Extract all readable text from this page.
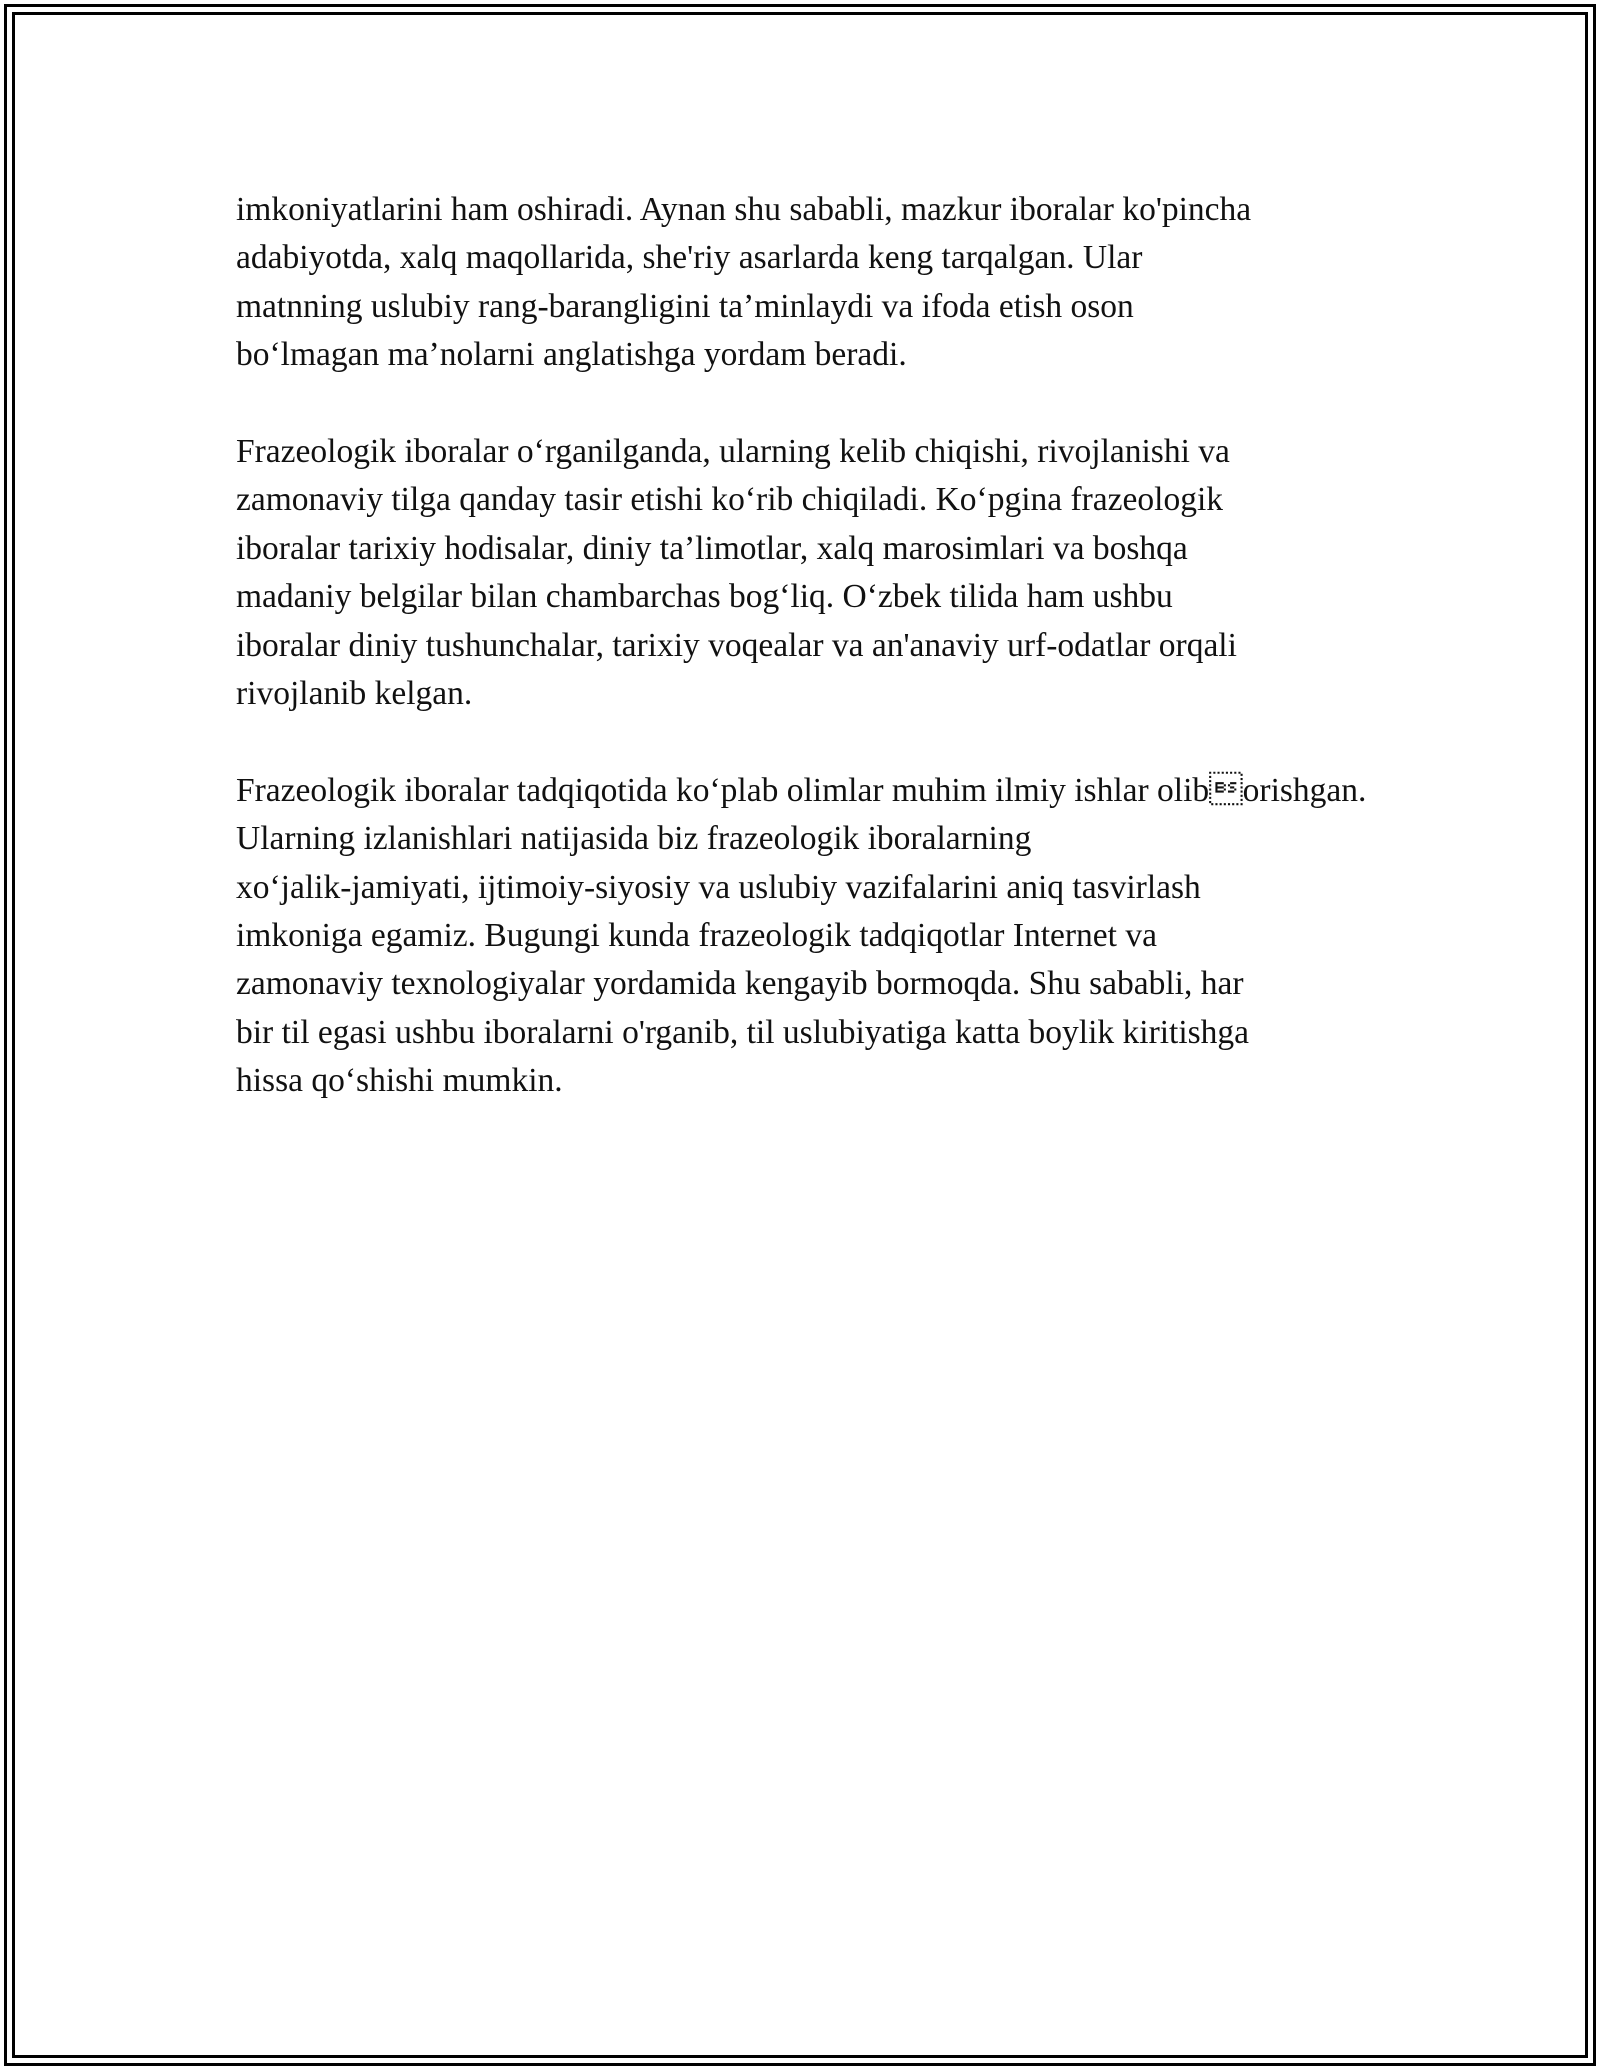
imkoniyatlarini ham oshiradi. Aynan shu sababli, mazkur iboralar ko'pincha
adabiyotda, xalq maqollarida, she'riy asarlarda keng tarqalgan. Ular
matnning uslubiy rang-barangligini ta’minlaydi va ifoda etish oson
bo‘lmagan ma’nolarni anglatishga yordam beradi.

Frazeologik iboralar o‘rganilganda, ularning kelib chiqishi, rivojlanishi va
zamonaviy tilga qanday tasir etishi ko‘rib chiqiladi. Ko‘pgina frazeologik
iboralar tarixiy hodisalar, diniy ta’limotlar, xalq marosimlari va boshqa
madaniy belgilar bilan chambarchas bog‘liq. O‘zbek tilida ham ushbu
iboralar diniy tushunchalar, tarixiy voqealar va an'anaviy urf-odatlar orqali
rivojlanib kelgan.

Frazeologik iboralar tadqiqotida ko‘plab olimlar muhim ilmiy ishlar oliborishgan. Ularning izlanishlari natijasida biz frazeologik iboralarning
xo‘jalik-jamiyati, ijtimoiy-siyosiy va uslubiy vazifalarini aniq tasvirlash
imkoniga egamiz. Bugungi kunda frazeologik tadqiqotlar Internet va
zamonaviy texnologiyalar yordamida kengayib bormoqda. Shu sababli, har
bir til egasi ushbu iboralarni o'rganib, til uslubiyatiga katta boylik kiritishga
hissa qo‘shishi mumkin.
